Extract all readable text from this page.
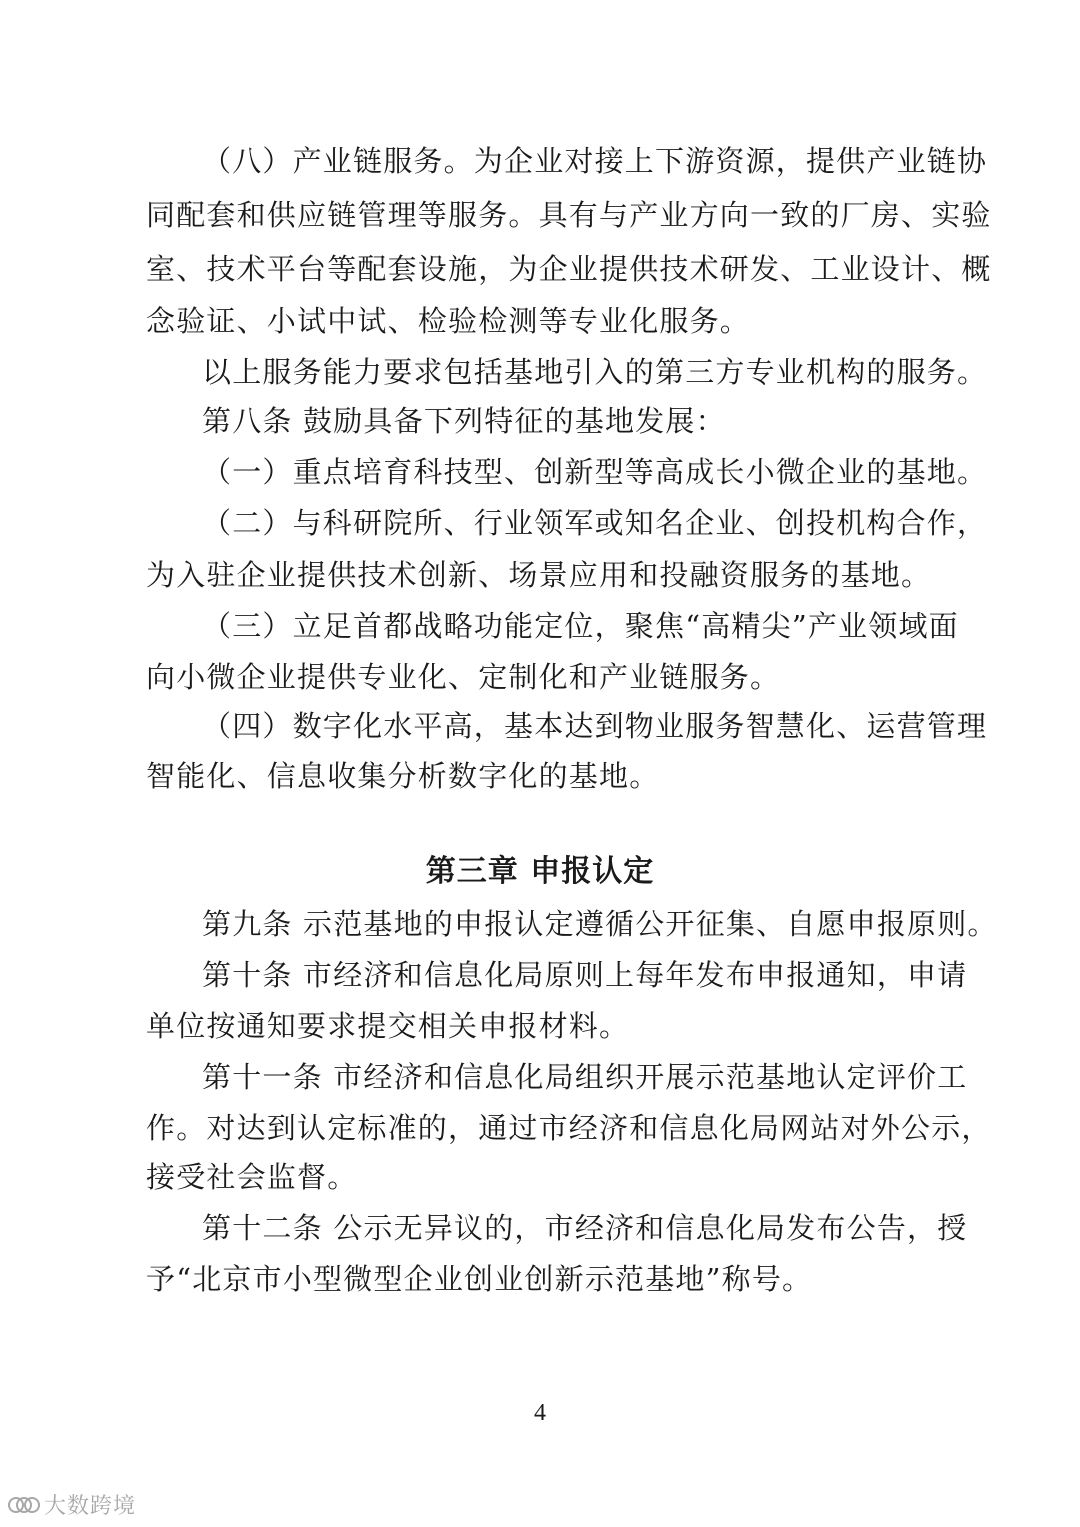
（八）产业链服务。为企业对接上下游资源，提供产业链协
同配套和供应链管理等服务。具有与产业方向一致的厂房、实验
室、技术平台等配套设施，为企业提供技术研发、工业设计、概
念验证、小试中试、检验检测等专业化服务。
以上服务能力要求包括基地引入的第三方专业机构的服务。
第八条 鼓励具备下列特征的基地发展：
（一）重点培育科技型、创新型等高成长小微企业的基地。
（二）与科研院所、行业领军或知名企业、创投机构合作，
为入驻企业提供技术创新、场景应用和投融资服务的基地。
（三）立足首都战略功能定位，聚焦“高精尖”产业领域面
向小微企业提供专业化、定制化和产业链服务。
（四）数字化水平高，基本达到物业服务智慧化、运营管理
智能化、信息收集分析数字化的基地。
第三章 申报认定
第九条 示范基地的申报认定遵循公开征集、自愿申报原则。
第十条 市经济和信息化局原则上每年发布申报通知，申请
单位按通知要求提交相关申报材料。
第十一条 市经济和信息化局组织开展示范基地认定评价工
作。对达到认定标准的，通过市经济和信息化局网站对外公示，
接受社会监督。
第十二条 公示无异议的，市经济和信息化局发布公告，授
予“北京市小型微型企业创业创新示范基地”称号。
4
大数跨境
